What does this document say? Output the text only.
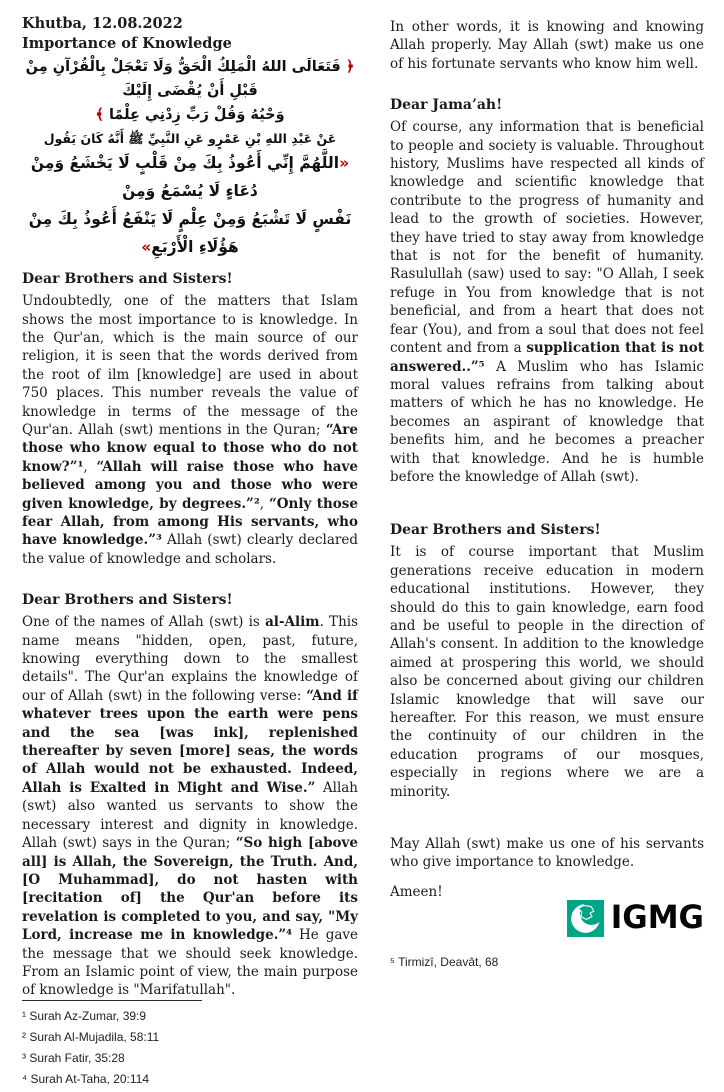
Khutba, 12.08.2022
Importance of Knowledge
﴿ فَتَعَالَى اللهُ الْمَلِكُ الْحَقُّ وَلَا تَعْجَلْ بِالْقُرْآنِ مِنْ قَبْلِ أَنْ يُقْضَى إِلَيْكَ
وَحْيُهُ وَقُلْ رَبِّ زِدْنِي عِلْمًا ﴾
عَنْ عَبْدِ اللهِ بْنِ عَمْرٍو عَنِ النَّبِيِّ ﷺ أَنَّهُ كَانَ يَقُول
«اللَّهُمَّ إِنِّي أَعُوذُ بِكَ مِنْ قَلْبٍ لَا يَخْشَعُ وَمِنْ دُعَاءٍ لَا يُسْمَعُ وَمِنْ
نَفْسٍ لَا تَشْبَعُ وَمِنْ عِلْمٍ لَا يَنْفَعُ أَعُوذُ بِكَ مِنْ هَؤُلَاءِ الْأَرْبَعِ»
Dear Brothers and Sisters!

Undoubtedly, one of the matters that Islam shows the most importance to is knowledge. In the Qur'an, which is the main source of our religion, it is seen that the words derived from the root of ilm [knowledge] are used in about 750 places. This number reveals the value of knowledge in terms of the message of the Qur'an. Allah (swt) mentions in the Quran; “Are those who know equal to those who do not know?”¹, “Allah will raise those who have believed among you and those who were given knowledge, by degrees.”², “Only those fear Allah, from among His servants, who have knowledge.”³ Allah (swt) clearly declared the value of knowledge and scholars.

Dear Brothers and Sisters!

One of the names of Allah (swt) is al-Alim. This name means "hidden, open, past, future, knowing everything down to the smallest details". The Qur'an explains the knowledge of our of Allah (swt) in the following verse: “And if whatever trees upon the earth were pens and the sea [was ink], replenished thereafter by seven [more] seas, the words of Allah would not be exhausted. Indeed, Allah is Exalted in Might and Wise.” Allah (swt) also wanted us servants to show the necessary interest and dignity in knowledge. Allah (swt) says in the Quran; “So high [above all] is Allah, the Sovereign, the Truth. And, [O Muhammad], do not hasten with [recitation of] the Qur'an before its revelation is completed to you, and say, "My Lord, increase me in knowledge.”⁴ He gave the message that we should seek knowledge. From an Islamic point of view, the main purpose of knowledge is "Marifatullah".

¹ Surah Az-Zumar, 39:9
² Surah Al-Mujadila, 58:11
³ Surah Fatir, 35:28
⁴ Surah At-Taha, 20:114

In other words, it is knowing and knowing Allah properly. May Allah (swt) make us one of his fortunate servants who know him well.

Dear Jama’ah!

Of course, any information that is beneficial to people and society is valuable. Throughout history, Muslims have respected all kinds of knowledge and scientific knowledge that contribute to the progress of humanity and lead to the growth of societies. However, they have tried to stay away from knowledge that is not for the benefit of humanity. Rasulullah (saw) used to say: "O Allah, I seek refuge in You from knowledge that is not beneficial, and from a heart that does not fear (You), and from a soul that does not feel content and from a supplication that is not answered..”⁵ A Muslim who has Islamic moral values refrains from talking about matters of which he has no knowledge. He becomes an aspirant of knowledge that benefits him, and he becomes a preacher with that knowledge. And he is humble before the knowledge of Allah (swt).

Dear Brothers and Sisters!

It is of course important that Muslim generations receive education in modern educational institutions. However, they should do this to gain knowledge, earn food and be useful to people in the direction of Allah's consent. In addition to the knowledge aimed at prospering this world, we should also be concerned about giving our children Islamic knowledge that will save our hereafter. For this reason, we must ensure the continuity of our children in the education programs of our mosques, especially in regions where we are a minority.

May Allah (swt) make us one of his servants who give importance to knowledge.

Ameen!
IGMG
⁵ Tirmizî, Deavât, 68
